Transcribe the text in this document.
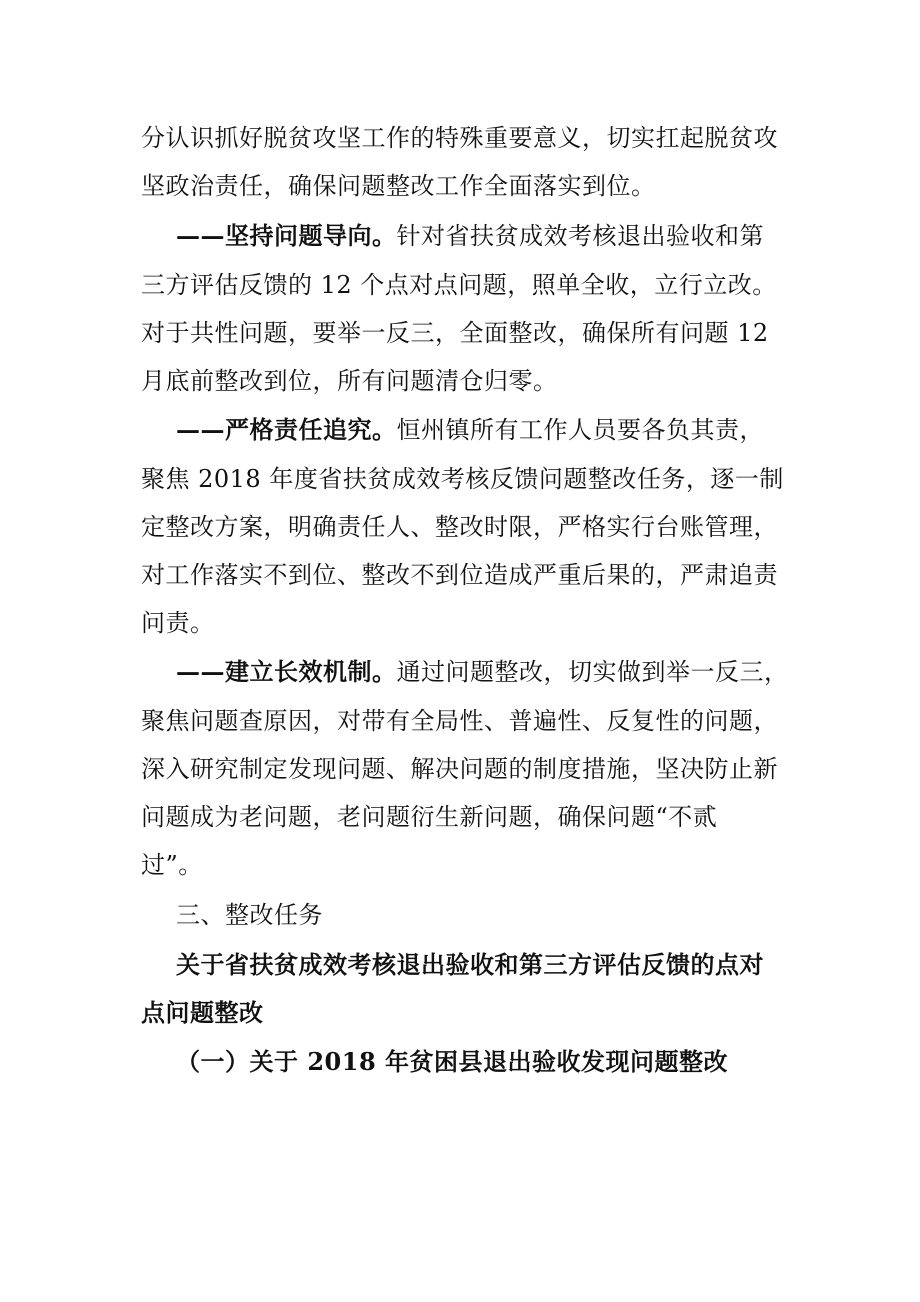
分认识抓好脱贫攻坚工作的特殊重要意义，切实扛起脱贫攻
坚政治责任，确保问题整改工作全面落实到位。
——坚持问题导向。针对省扶贫成效考核退出验收和第
三方评估反馈的 12 个点对点问题，照单全收，立行立改。
对于共性问题，要举一反三，全面整改，确保所有问题 12
月底前整改到位，所有问题清仓归零。
——严格责任追究。恒州镇所有工作人员要各负其责，
聚焦 2018 年度省扶贫成效考核反馈问题整改任务，逐一制
定整改方案，明确责任人、整改时限，严格实行台账管理，
对工作落实不到位、整改不到位造成严重后果的，严肃追责
问责。
——建立长效机制。通过问题整改，切实做到举一反三，
聚焦问题查原因，对带有全局性、普遍性、反复性的问题，
深入研究制定发现问题、解决问题的制度措施，坚决防止新
问题成为老问题，老问题衍生新问题，确保问题“不贰
过”。
三、整改任务
关于省扶贫成效考核退出验收和第三方评估反馈的点对
点问题整改
（一）关于 2018 年贫困县退出验收发现问题整改
